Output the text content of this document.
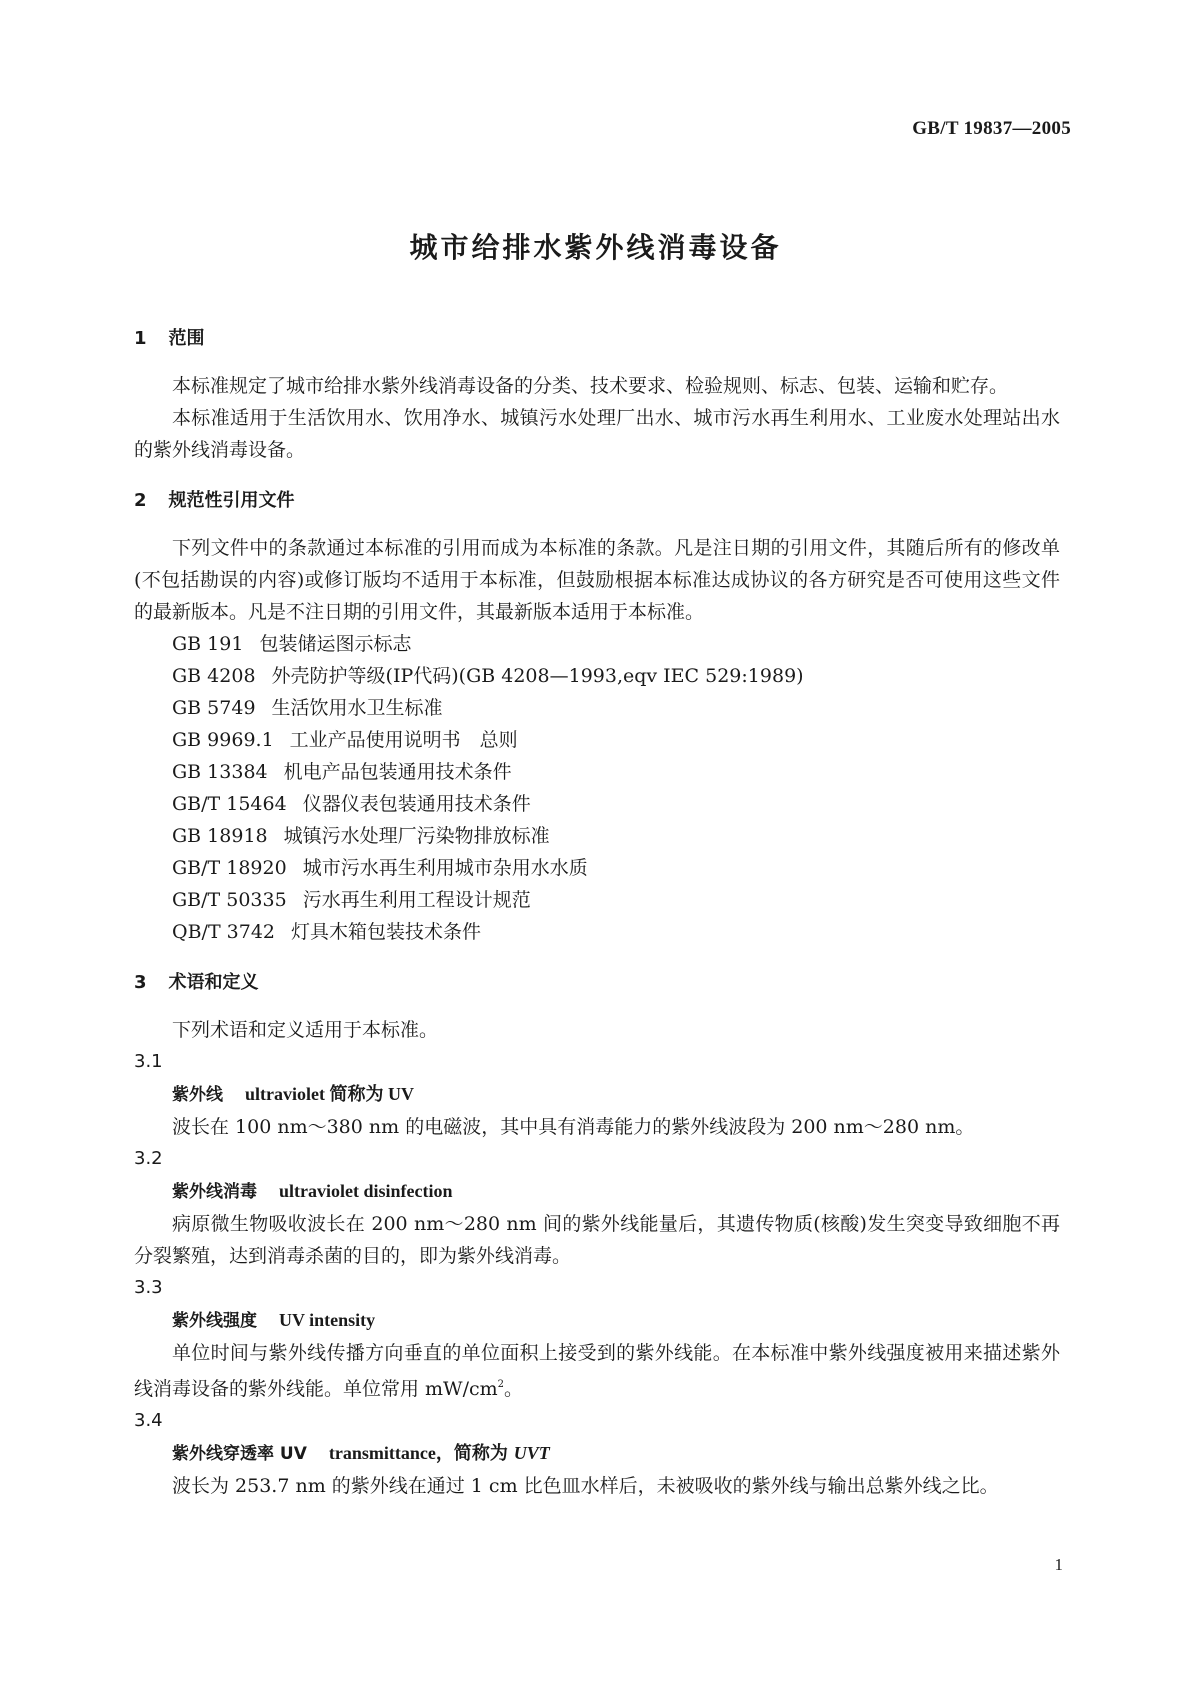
GB/T 19837—2005
城市给排水紫外线消毒设备
1 范围

本标准规定了城市给排水紫外线消毒设备的分类、技术要求、检验规则、标志、包装、运输和贮存。

本标准适用于生活饮用水、饮用净水、城镇污水处理厂出水、城市污水再生利用水、工业废水处理站出水的紫外线消毒设备。

2 规范性引用文件

下列文件中的条款通过本标准的引用而成为本标准的条款。凡是注日期的引用文件，其随后所有的修改单(不包括勘误的内容)或修订版均不适用于本标准，但鼓励根据本标准达成协议的各方研究是否可使用这些文件的最新版本。凡是不注日期的引用文件，其最新版本适用于本标准。

GB 191 包装储运图示标志

GB 4208 外壳防护等级(IP代码)(GB 4208—1993,eqv IEC 529:1989)

GB 5749 生活饮用水卫生标准

GB 9969.1 工业产品使用说明书　总则

GB 13384 机电产品包装通用技术条件

GB/T 15464 仪器仪表包装通用技术条件

GB 18918 城镇污水处理厂污染物排放标准

GB/T 18920 城市污水再生利用城市杂用水水质

GB/T 50335 污水再生利用工程设计规范

QB/T 3742 灯具木箱包装技术条件

3 术语和定义

下列术语和定义适用于本标准。

3.1

紫外线 ultraviolet 简称为 UV

波长在 100 nm～380 nm 的电磁波，其中具有消毒能力的紫外线波段为 200 nm～280 nm。

3.2

紫外线消毒 ultraviolet disinfection

病原微生物吸收波长在 200 nm～280 nm 间的紫外线能量后，其遗传物质(核酸)发生突变导致细胞不再分裂繁殖，达到消毒杀菌的目的，即为紫外线消毒。

3.3

紫外线强度 UV intensity

单位时间与紫外线传播方向垂直的单位面积上接受到的紫外线能。在本标准中紫外线强度被用来描述紫外线消毒设备的紫外线能。单位常用 $mW/cm^2$。

3.4

紫外线穿透率 UV transmittance，简称为 UVT

波长为 253.7 nm 的紫外线在通过 1 cm 比色皿水样后，未被吸收的紫外线与输出总紫外线之比。

1
